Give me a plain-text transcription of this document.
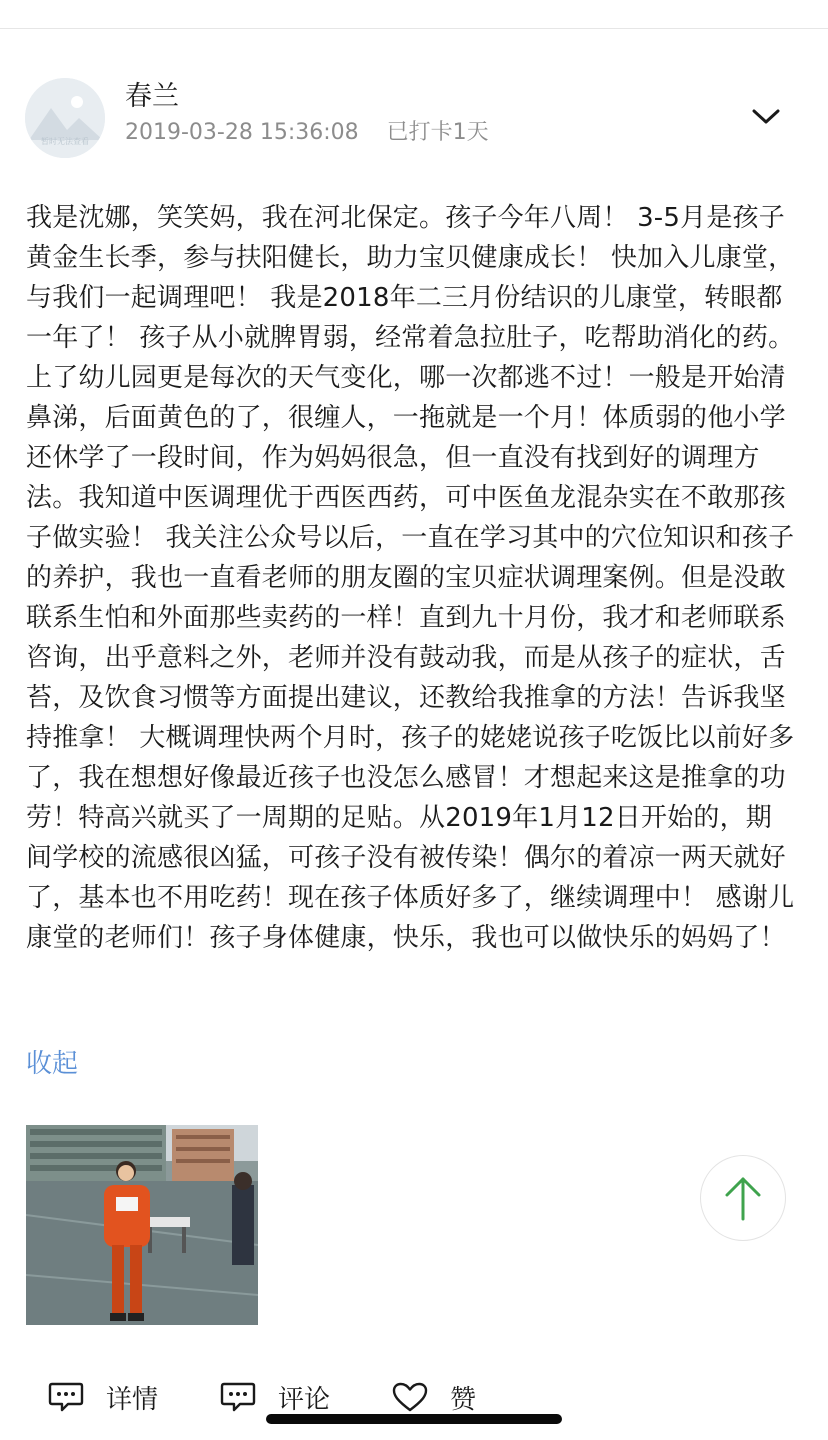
暂时无法查看
春兰
2019-03-28 15:36:08 已打卡1天
我是沈娜，笑笑妈，我在河北保定。孩子今年八周！ 3-5月是孩子黄金生长季，参与扶阳健长，助力宝贝健康成长！ 快加入儿康堂，与我们一起调理吧！ 我是2018年二三月份结识的儿康堂，转眼都一年了！ 孩子从小就脾胃弱，经常着急拉肚子，吃帮助消化的药。上了幼儿园更是每次的天气变化，哪一次都逃不过！一般是开始清鼻涕，后面黄色的了，很缠人，一拖就是一个月！体质弱的他小学还休学了一段时间，作为妈妈很急，但一直没有找到好的调理方法。我知道中医调理优于西医西药，可中医鱼龙混杂实在不敢那孩子做实验！ 我关注公众号以后，一直在学习其中的穴位知识和孩子的养护，我也一直看老师的朋友圈的宝贝症状调理案例。但是没敢联系生怕和外面那些卖药的一样！直到九十月份，我才和老师联系咨询，出乎意料之外，老师并没有鼓动我，而是从孩子的症状，舌苔，及饮食习惯等方面提出建议，还教给我推拿的方法！告诉我坚持推拿！ 大概调理快两个月时，孩子的姥姥说孩子吃饭比以前好多了，我在想想好像最近孩子也没怎么感冒！才想起来这是推拿的功劳！特高兴就买了一周期的足贴。从2019年1月12日开始的，期间学校的流感很凶猛，可孩子没有被传染！偶尔的着凉一两天就好了，基本也不用吃药！现在孩子体质好多了，继续调理中！ 感谢儿康堂的老师们！孩子身体健康，快乐，我也可以做快乐的妈妈了！
收起
详情	评论	赞
